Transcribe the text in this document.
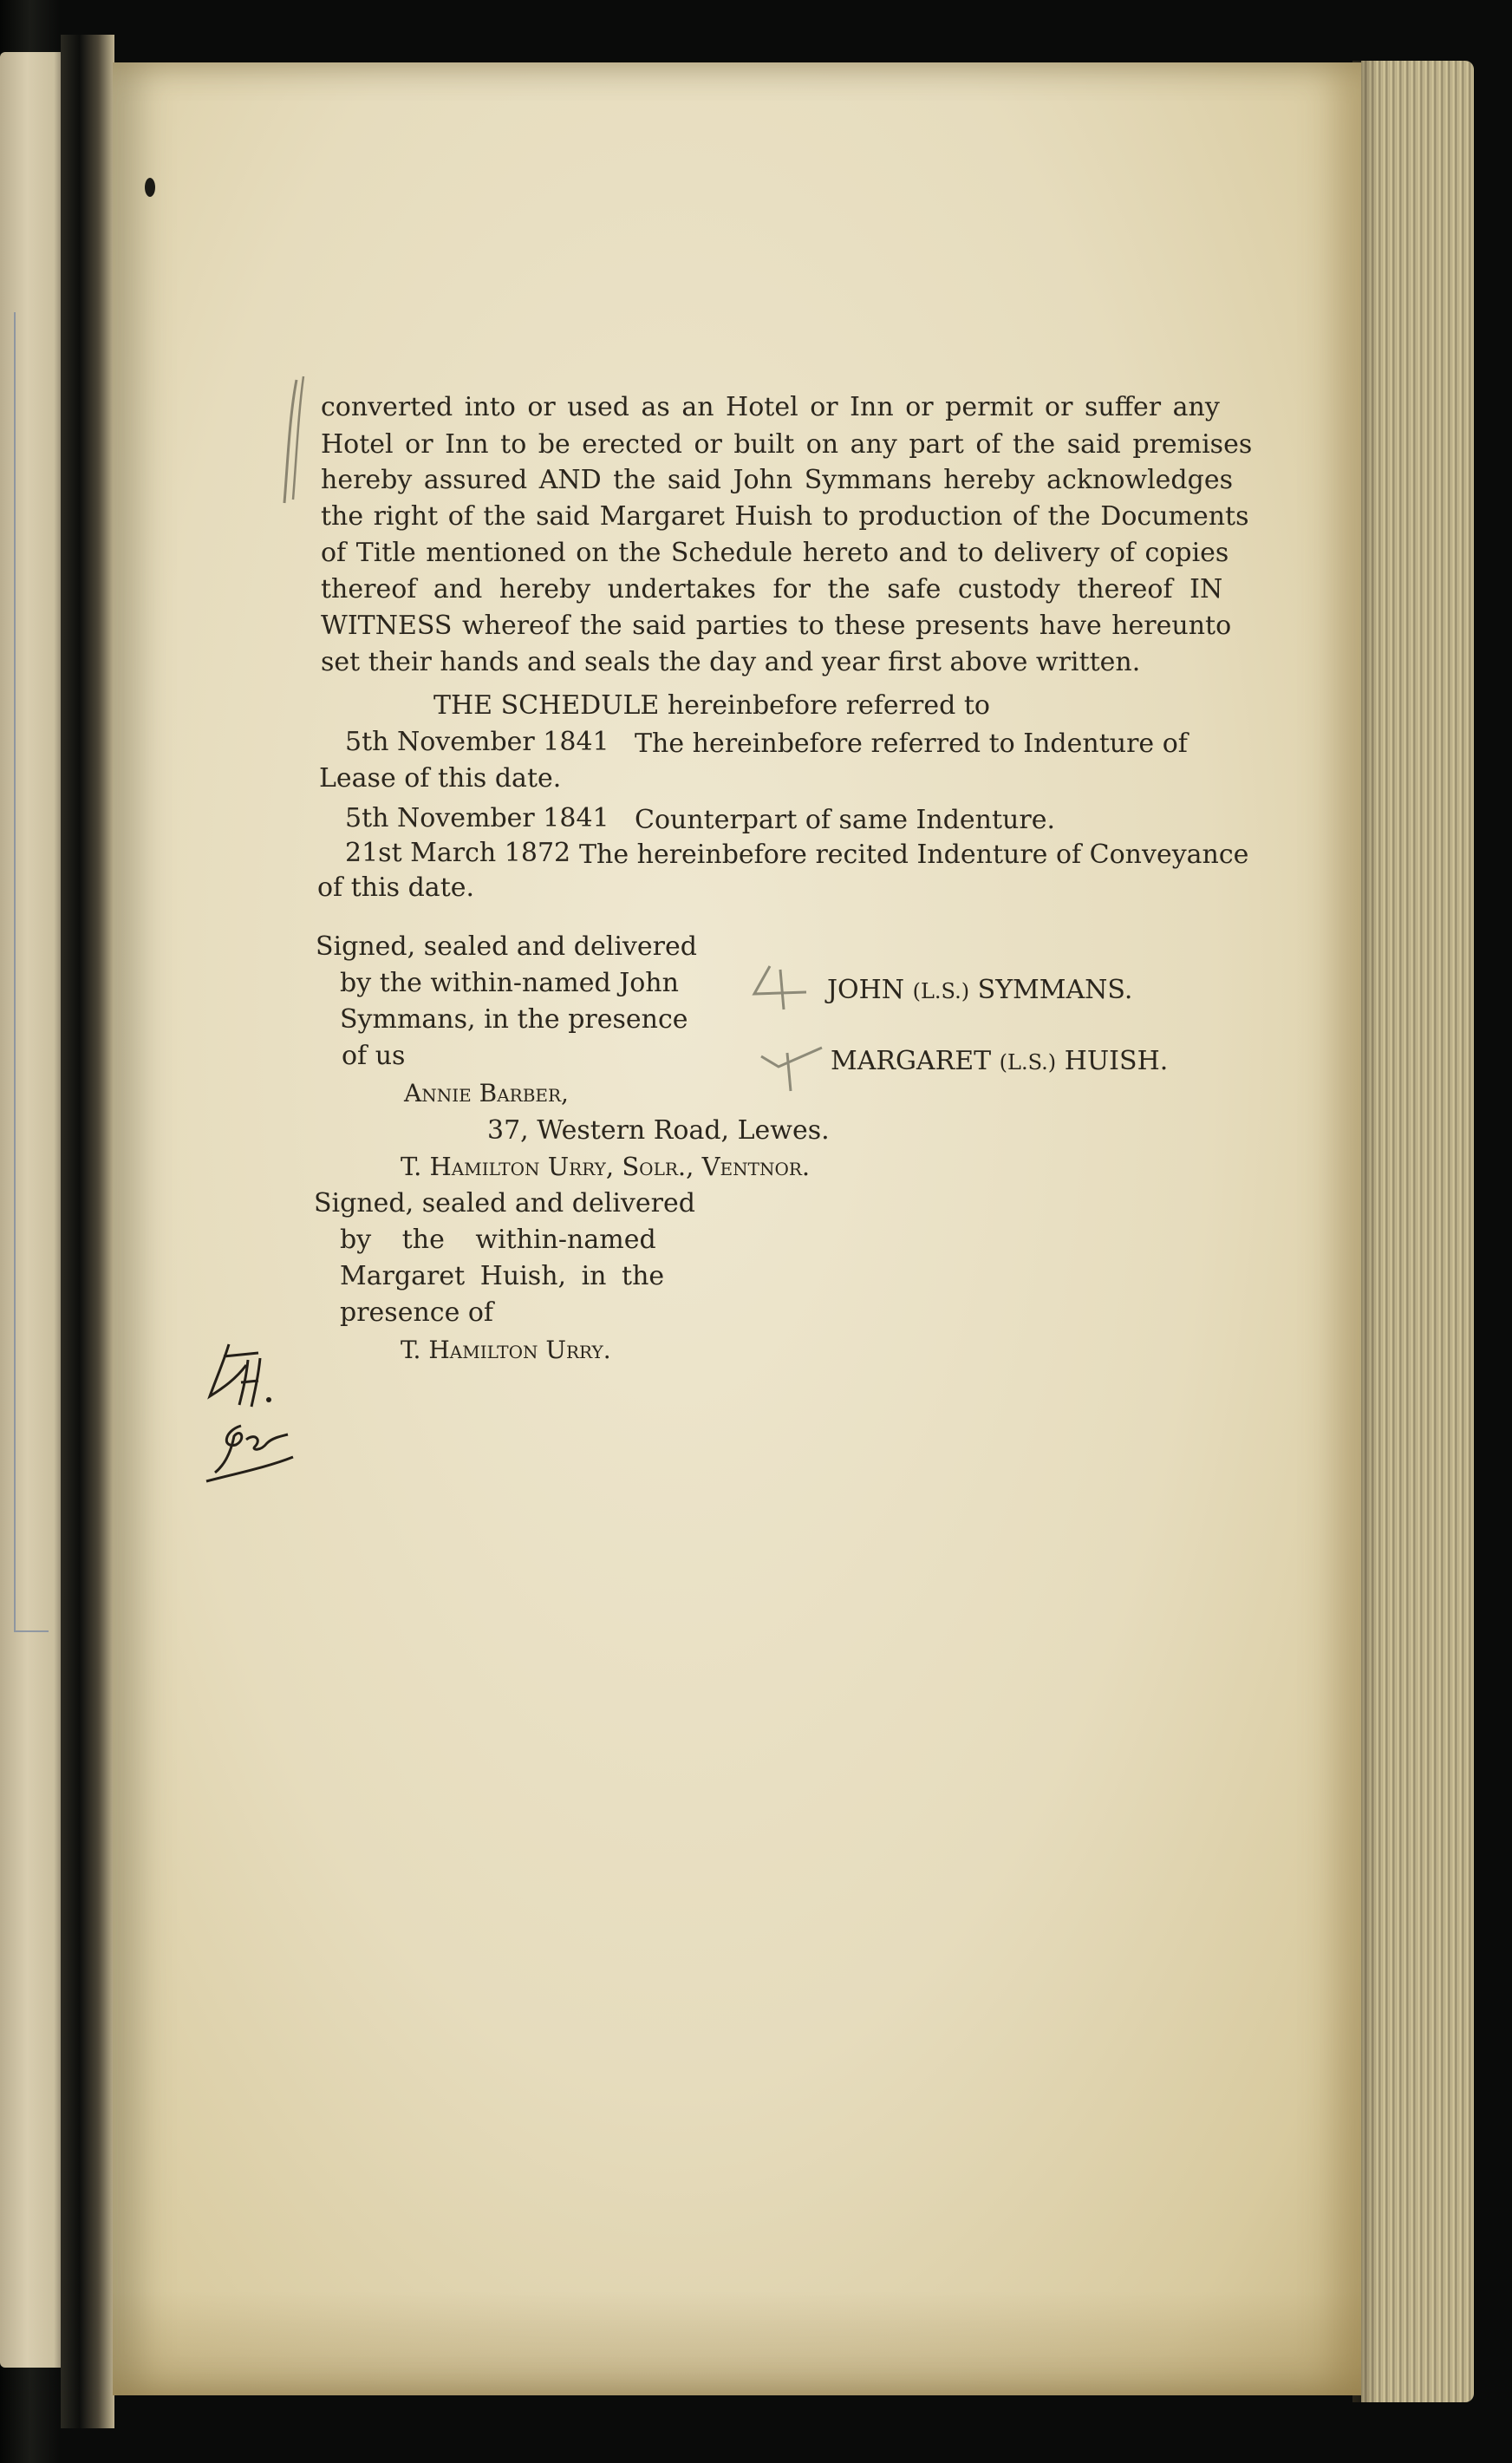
converted into or used as an Hotel or Inn or permit or suffer any
Hotel or Inn to be erected or built on any part of the said premises
hereby assured AND the said John Symmans hereby acknowledges
the right of the said Margaret Huish to production of the Documents
of Title mentioned on the Schedule hereto and to delivery of copies
thereof and hereby undertakes for the safe custody thereof IN
WITNESS whereof the said parties to these presents have hereunto
set their hands and seals the day and year first above written.
THE SCHEDULE hereinbefore referred to
5th November 1841 The hereinbefore referred to Indenture of
Lease of this date.
5th November 1841 Counterpart of same Indenture.
21st March 1872 The hereinbefore recited Indenture of Conveyance
of this date.
Signed, sealed and delivered
by the within-named John
Symmans, in the presence
of us
Annie Barber,
37, Western Road, Lewes.
T. Hamilton Urry, Solr., Ventnor.
Signed, sealed and delivered
by the within-named
Margaret Huish, in the
presence of
T. Hamilton Urry.
JOHN (L.S.) SYMMANS.
MARGARET (L.S.) HUISH.
